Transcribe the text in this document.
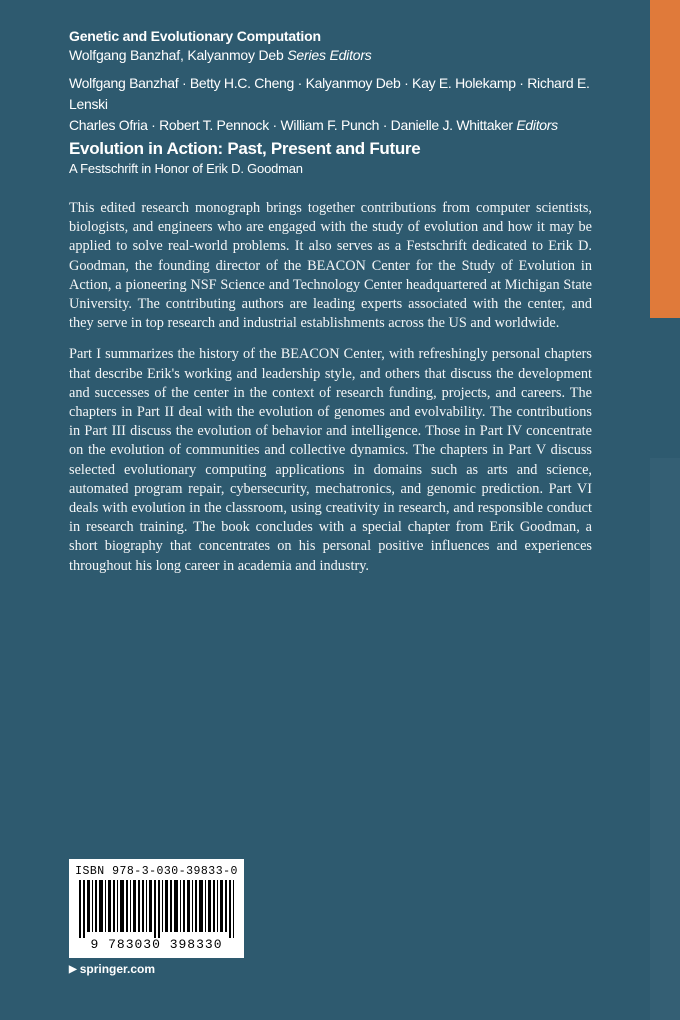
Genetic and Evolutionary Computation
Wolfgang Banzhaf, Kalyanmoy Deb Series Editors
Wolfgang Banzhaf · Betty H.C. Cheng · Kalyanmoy Deb · Kay E. Holekamp · Richard E. Lenski
Charles Ofria · Robert T. Pennock · William F. Punch · Danielle J. Whittaker Editors
Evolution in Action: Past, Present and Future
A Festschrift in Honor of Erik D. Goodman

This edited research monograph brings together contributions from computer scientists, biologists, and engineers who are engaged with the study of evolution and how it may be applied to solve real-world problems. It also serves as a Festschrift dedicated to Erik D. Goodman, the founding director of the BEACON Center for the Study of Evolution in Action, a pioneering NSF Science and Technology Center headquartered at Michigan State University. The contributing authors are leading experts associated with the center, and they serve in top research and industrial establishments across the US and worldwide.

Part I summarizes the history of the BEACON Center, with refreshingly personal chapters that describe Erik's working and leadership style, and others that discuss the development and successes of the center in the context of research funding, projects, and careers. The chapters in Part II deal with the evolution of genomes and evolvability. The contributions in Part III discuss the evolution of behavior and intelligence. Those in Part IV concentrate on the evolution of communities and collective dynamics. The chapters in Part V discuss selected evolutionary computing applications in domains such as arts and science, automated program repair, cybersecurity, mechatronics, and genomic prediction. Part VI deals with evolution in the classroom, using creativity in research, and responsible conduct in research training. The book concludes with a special chapter from Erik Goodman, a short biography that concentrates on his personal positive influences and experiences throughout his long career in academia and industry.

ISBN 978-3-030-39833-0
9 783030 398330
▶ springer.com
